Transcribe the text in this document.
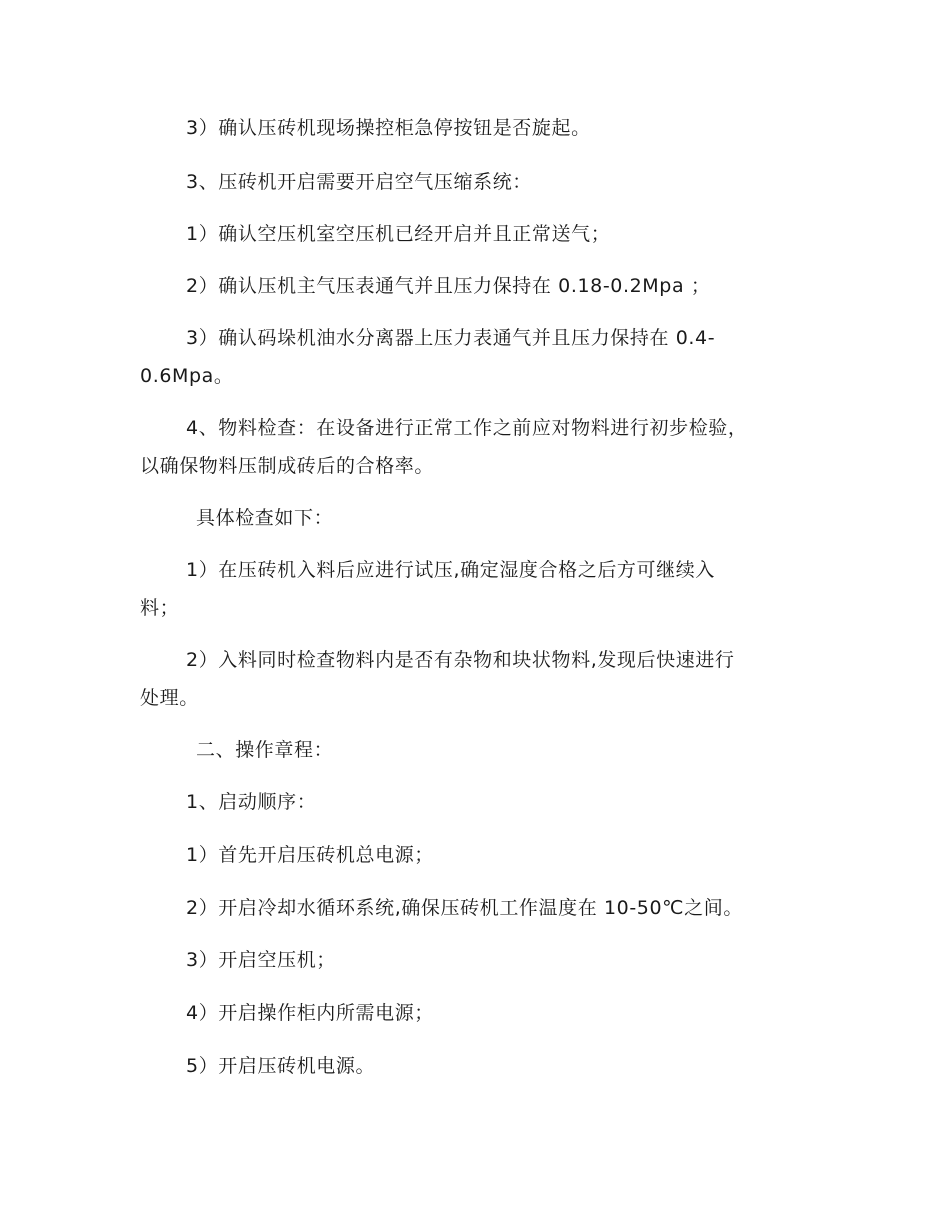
3）确认压砖机现场操控柜急停按钮是否旋起。
3、压砖机开启需要开启空气压缩系统：
1）确认空压机室空压机已经开启并且正常送气；
2）确认压机主气压表通气并且压力保持在 0.18-0.2Mpa ；
3）确认码垛机油水分离器上压力表通气并且压力保持在 0.4-
0.6Mpa。
4、物料检查：在设备进行正常工作之前应对物料进行初步检验，
以确保物料压制成砖后的合格率。
具体检查如下：
1）在压砖机入料后应进行试压,确定湿度合格之后方可继续入
料；
2）入料同时检查物料内是否有杂物和块状物料,发现后快速进行
处理。
二、操作章程：
1、启动顺序：
1）首先开启压砖机总电源；
2）开启冷却水循环系统,确保压砖机工作温度在 10-50℃之间。
3）开启空压机；
4）开启操作柜内所需电源；
5）开启压砖机电源。
